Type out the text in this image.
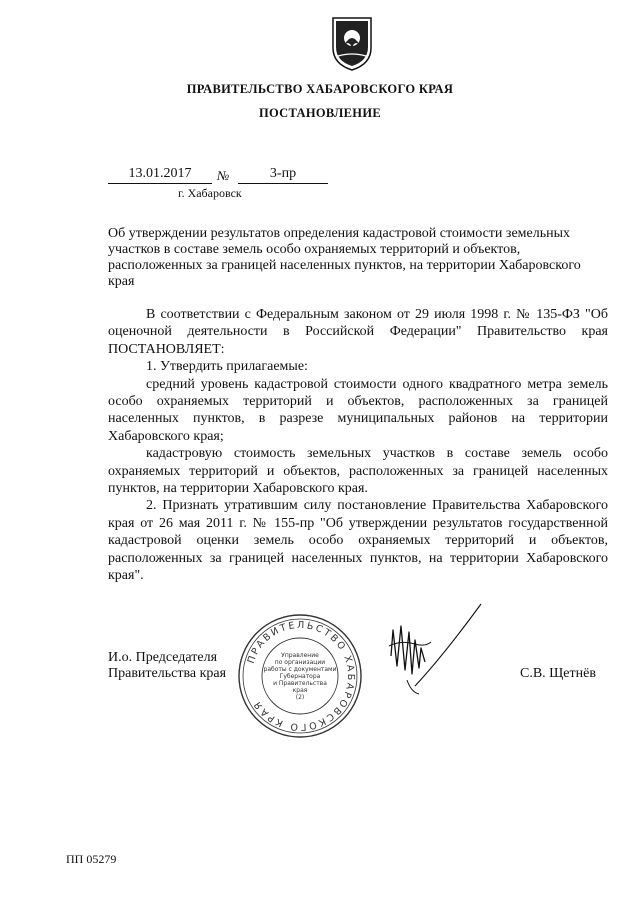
ПРАВИТЕЛЬСТВО ХАБАРОВСКОГО КРАЯ
ПОСТАНОВЛЕНИЕ
13.01.2017	№	3-пр
г. Хабаровск
Об утверждении результатов определения кадастровой стоимости земельных участков в составе земель особо охраняемых территорий и объектов, расположенных за границей населенных пунктов, на территории Хабаровского края

В соответствии с Федеральным законом от 29 июля 1998 г. № 135-ФЗ "Об оценочной деятельности в Российской Федерации" Правительство края ПОСТАНОВЛЯЕТ:

1. Утвердить прилагаемые:

средний уровень кадастровой стоимости одного квадратного метра земель особо охраняемых территорий и объектов, расположенных за границей населенных пунктов, в разрезе муниципальных районов на территории Хабаровского края;

кадастровую стоимость земельных участков в составе земель особо охраняемых территорий и объектов, расположенных за границей населенных пунктов, на территории Хабаровского края.

2. Признать утратившим силу постановление Правительства Хабаровского края от 26 мая 2011 г. № 155-пр "Об утверждении результатов государственной кадастровой оценки земель особо охраняемых территорий и объектов, расположенных за границей населенных пунктов, на территории Хабаровского края".

И.о. Председателя
Правительства края
ПРАВИТЕЛЬСТВО ХАБАРОВСКОГО КРАЯ
Управление
по организации
работы с документами
Губернатора
и Правительства
края
(2)
С.В. Щетнёв
ПП 05279
